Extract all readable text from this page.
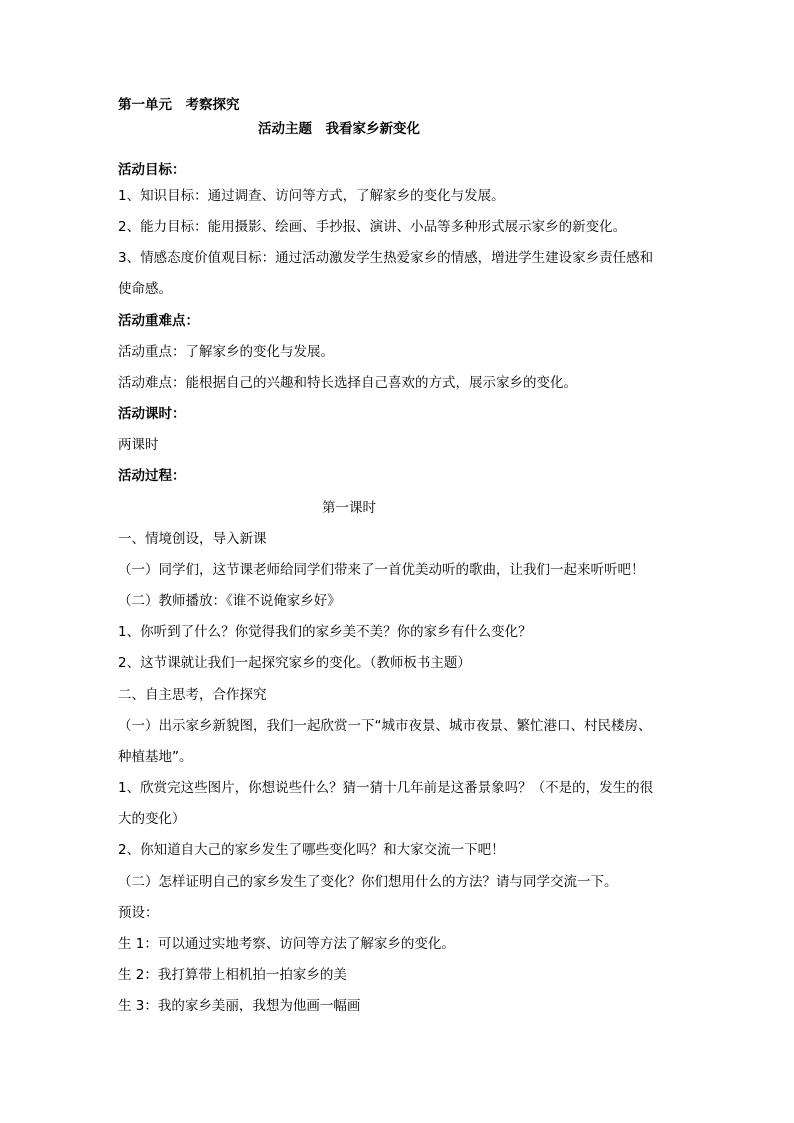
第一单元　考察探究
活动主题　我看家乡新变化
活动目标：
1、知识目标：通过调查、访问等方式，了解家乡的变化与发展。
2、能力目标：能用摄影、绘画、手抄报、演讲、小品等多种形式展示家乡的新变化。
3、情感态度价值观目标：通过活动激发学生热爱家乡的情感，增进学生建设家乡责任感和
使命感。
活动重难点：
活动重点：了解家乡的变化与发展。
活动难点：能根据自己的兴趣和特长选择自己喜欢的方式，展示家乡的变化。
活动课时：
两课时
活动过程：
第一课时
一、情境创设，导入新课
（一）同学们，这节课老师给同学们带来了一首优美动听的歌曲，让我们一起来听听吧！
（二）教师播放：《谁不说俺家乡好》
1、你听到了什么？你觉得我们的家乡美不美？你的家乡有什么变化？
2、这节课就让我们一起探究家乡的变化。（教师板书主题）
二、自主思考，合作探究
（一）出示家乡新貌图，我们一起欣赏一下“城市夜景、城市夜景、繁忙港口、村民楼房、
种植基地”。
1、欣赏完这些图片，你想说些什么？猜一猜十几年前是这番景象吗？（不是的，发生的很
大的变化）
2、你知道自大己的家乡发生了哪些变化吗？和大家交流一下吧！
（二）怎样证明自己的家乡发生了变化？你们想用什么的方法？请与同学交流一下。
预设：
生 1：可以通过实地考察、访问等方法了解家乡的变化。
生 2：我打算带上相机拍一拍家乡的美
生 3：我的家乡美丽，我想为他画一幅画
